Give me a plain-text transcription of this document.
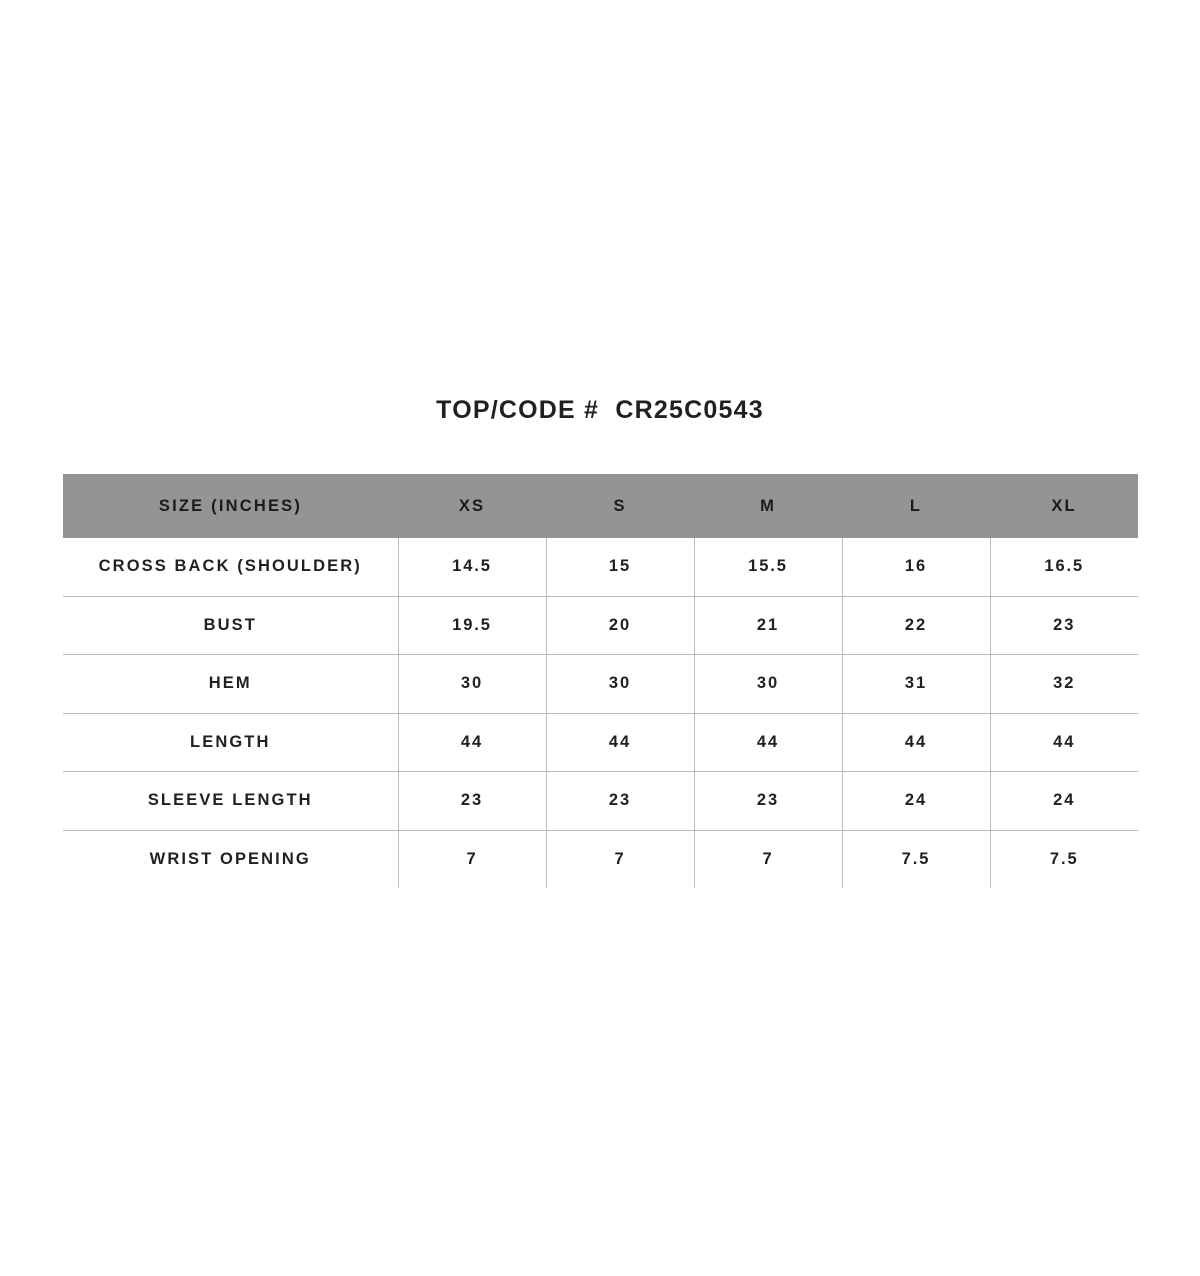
TOP/CODE #  CR25C0543
SIZE (INCHES)	XS	S	M	L	XL
CROSS BACK (SHOULDER)	14.5	15	15.5	16	16.5
BUST	19.5	20	21	22	23
HEM	30	30	30	31	32
LENGTH	44	44	44	44	44
SLEEVE LENGTH	23	23	23	24	24
WRIST OPENING	7	7	7	7.5	7.5
